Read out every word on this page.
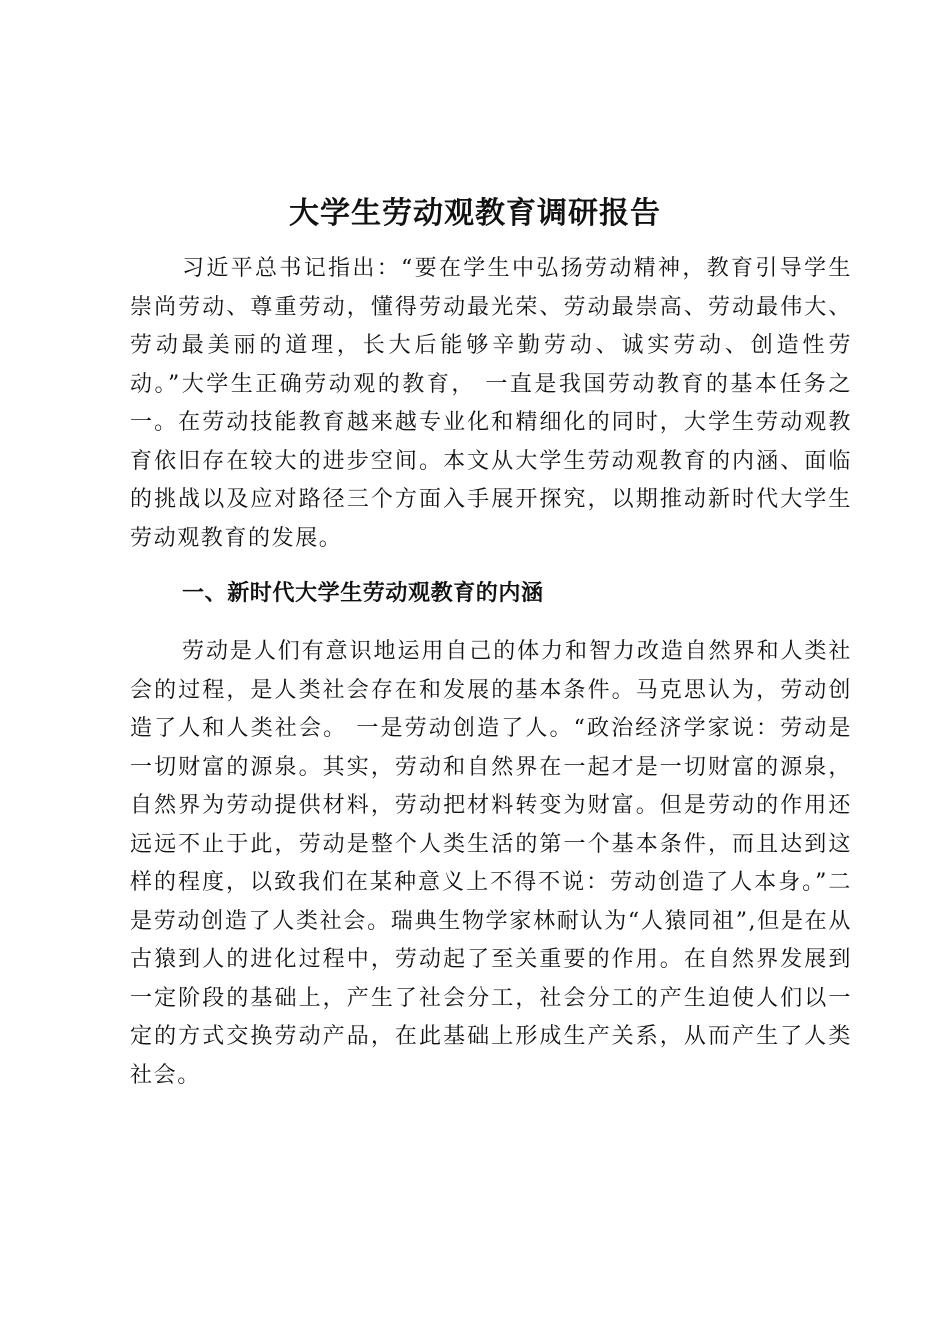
大学生劳动观教育调研报告

习近平总书记指出：“要在学生中弘扬劳动精神，教育引导学生崇尚劳动、尊重劳动，懂得劳动最光荣、劳动最崇高、劳动最伟大、劳动最美丽的道理，长大后能够辛勤劳动、诚实劳动、创造性劳动。”大学生正确劳动观的教育， 一直是我国劳动教育的基本任务之一。在劳动技能教育越来越专业化和精细化的同时，大学生劳动观教育依旧存在较大的进步空间。本文从大学生劳动观教育的内涵、面临的挑战以及应对路径三个方面入手展开探究，以期推动新时代大学生劳动观教育的发展。

一、新时代大学生劳动观教育的内涵

劳动是人们有意识地运用自己的体力和智力改造自然界和人类社会的过程，是人类社会存在和发展的基本条件。马克思认为，劳动创造了人和人类社会。 一是劳动创造了人。“政治经济学家说：劳动是一切财富的源泉。其实，劳动和自然界在一起才是一切财富的源泉，自然界为劳动提供材料，劳动把材料转变为财富。但是劳动的作用还远远不止于此，劳动是整个人类生活的第一个基本条件，而且达到这样的程度，以致我们在某种意义上不得不说：劳动创造了人本身。”二是劳动创造了人类社会。瑞典生物学家林耐认为“人猿同祖”,但是在从古猿到人的进化过程中，劳动起了至关重要的作用。在自然界发展到一定阶段的基础上，产生了社会分工，社会分工的产生迫使人们以一定的方式交换劳动产品，在此基础上形成生产关系，从而产生了人类社会。
